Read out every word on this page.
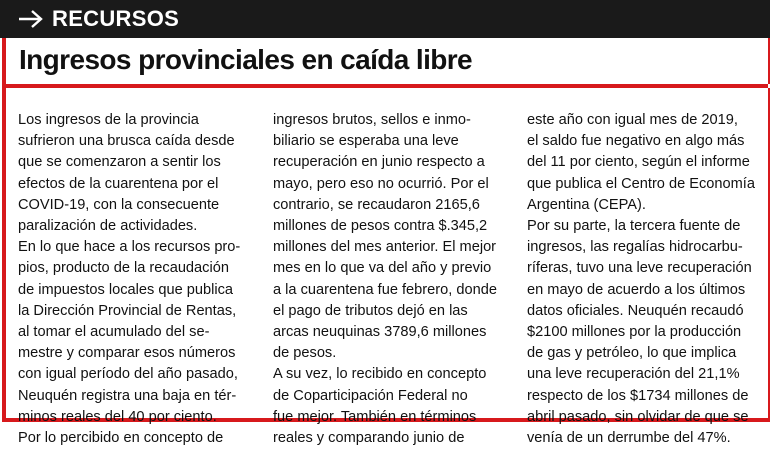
RECURSOS
Ingresos provinciales en caída libre
Los ingresos de la provincia
sufrieron una brusca caída desde
que se comenzaron a sentir los
efectos de la cuarentena por el
COVID-19, con la consecuente
paralización de actividades.
En lo que hace a los recursos pro-
pios, producto de la recaudación
de impuestos locales que publica
la Dirección Provincial de Rentas,
al tomar el acumulado del se-
mestre y comparar esos números
con igual período del año pasado,
Neuquén registra una baja en tér-
minos reales del 40 por ciento.
Por lo percibido en concepto de
ingresos brutos, sellos e inmo-
biliario se esperaba una leve
recuperación en junio respecto a
mayo, pero eso no ocurrió. Por el
contrario, se recaudaron 2165,6
millones de pesos contra $.345,2
millones del mes anterior. El mejor
mes en lo que va del año y previo
a la cuarentena fue febrero, donde
el pago de tributos dejó en las
arcas neuquinas 3789,6 millones
de pesos.
A su vez, lo recibido en concepto
de Coparticipación Federal no
fue mejor. También en términos
reales y comparando junio de
este año con igual mes de 2019,
el saldo fue negativo en algo más
del 11 por ciento, según el informe
que publica el Centro de Economía
Argentina (CEPA).
Por su parte, la tercera fuente de
ingresos, las regalías hidrocarbu-
ríferas, tuvo una leve recuperación
en mayo de acuerdo a los últimos
datos oficiales. Neuquén recaudó
$2100 millones por la producción
de gas y petróleo, lo que implica
una leve recuperación del 21,1%
respecto de los $1734 millones de
abril pasado, sin olvidar de que se
venía de un derrumbe del 47%.
